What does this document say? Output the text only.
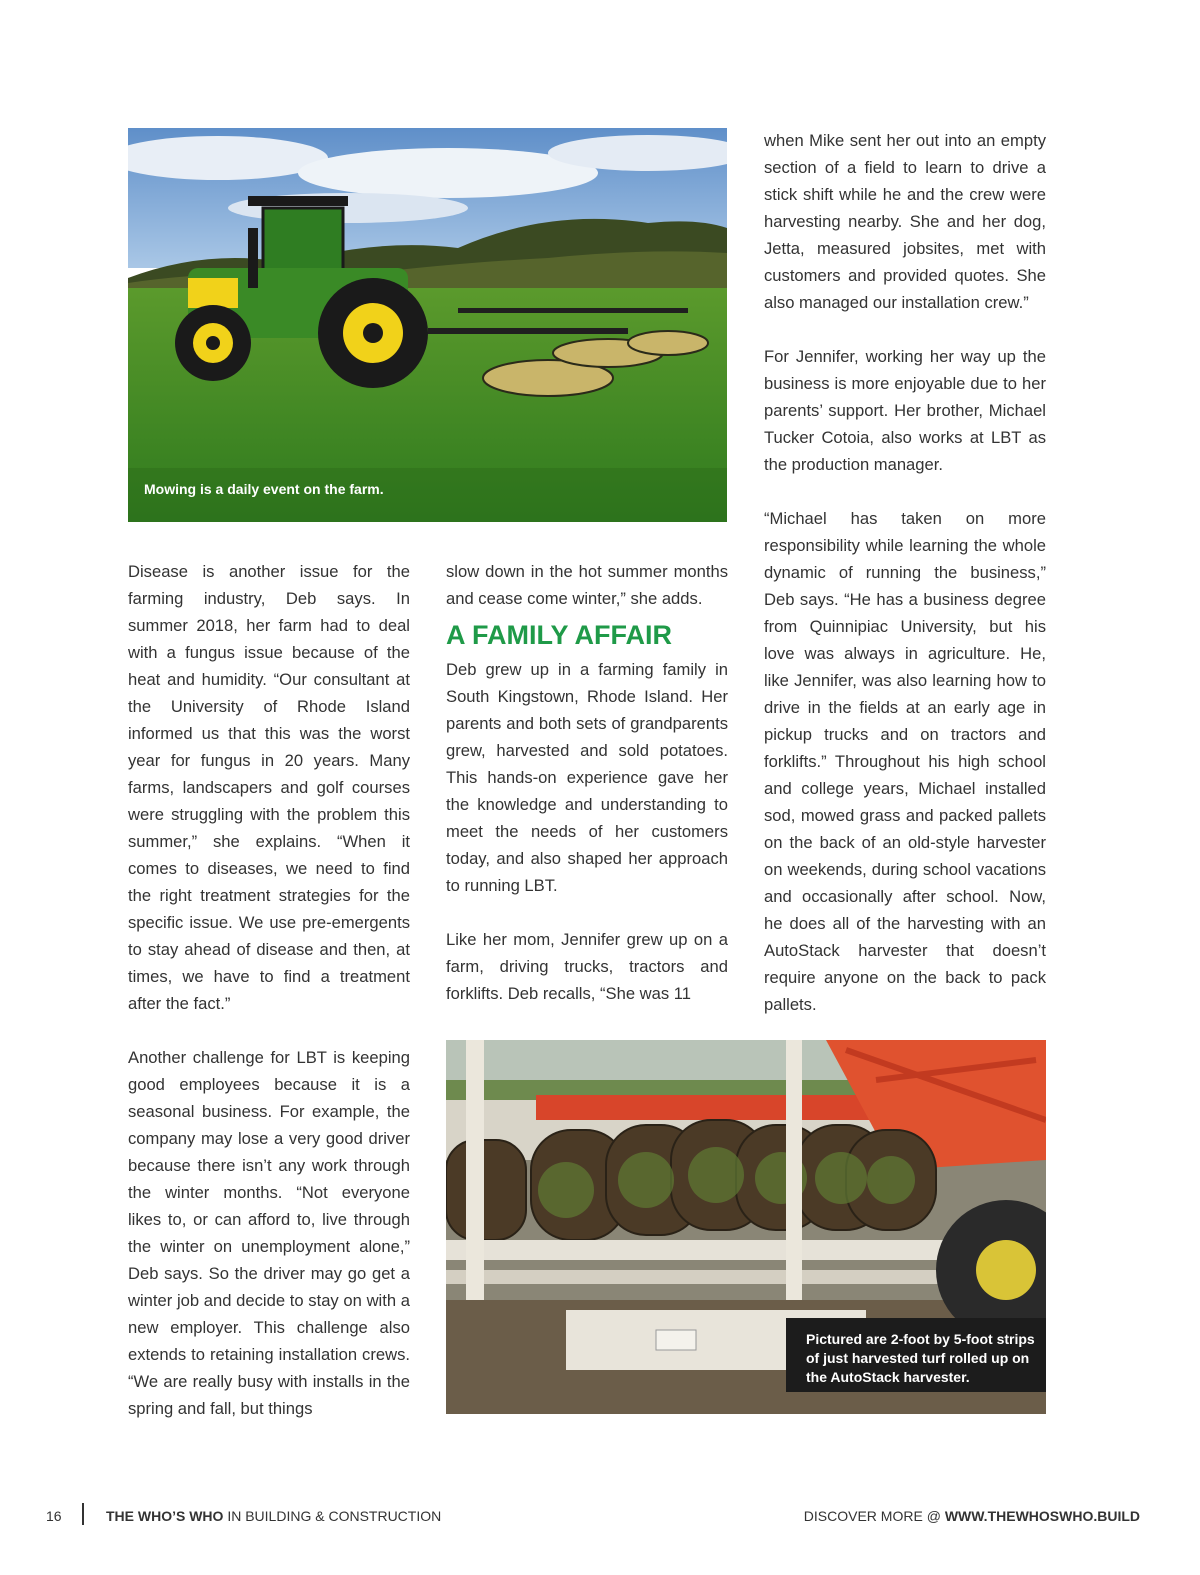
Mowing is a daily event on the farm.

Disease is another issue for the farming industry, Deb says. In summer 2018, her farm had to deal with a fungus issue because of the heat and humidity. “Our consultant at the University of Rhode Island informed us that this was the worst year for fungus in 20 years. Many farms, landscapers and golf courses were struggling with the problem this summer,” she explains. “When it comes to diseases, we need to find the right treatment strategies for the specific issue. We use pre-emergents to stay ahead of disease and then, at times, we have to find a treatment after the fact.”

Another challenge for LBT is keeping good employees because it is a seasonal business. For example, the company may lose a very good driver because there isn’t any work through the winter months. “Not everyone likes to, or can afford to, live through the winter on unemployment alone,” Deb says. So the driver may go get a winter job and decide to stay on with a new employer. This challenge also extends to retaining installation crews. “We are really busy with installs in the spring and fall, but things

slow down in the hot summer months and cease come winter,” she adds.

A FAMILY AFFAIR

Deb grew up in a farming family in South Kingstown, Rhode Island. Her parents and both sets of grandparents grew, harvested and sold potatoes. This hands-on experience gave her the knowledge and understanding to meet the needs of her customers today, and also shaped her approach to running LBT.

Like her mom, Jennifer grew up on a farm, driving trucks, tractors and forklifts. Deb recalls, “She was 11

when Mike sent her out into an empty section of a field to learn to drive a stick shift while he and the crew were harvesting nearby. She and her dog, Jetta, measured jobsites, met with customers and provided quotes. She also managed our installation crew.”

For Jennifer, working her way up the business is more enjoyable due to her parents’ support. Her brother, Michael Tucker Cotoia, also works at LBT as the production manager.

“Michael has taken on more responsibility while learning the whole dynamic of running the business,” Deb says. “He has a business degree from Quinnipiac University, but his love was always in agriculture. He, like Jennifer, was also learning how to drive in the fields at an early age in pickup trucks and on tractors and forklifts.” Throughout his high school and college years, Michael installed sod, mowed grass and packed pallets on the back of an old-style harvester on weekends, during school vacations and occasionally after school. Now, he does all of the harvesting with an AutoStack harvester that doesn’t require anyone on the back to pack pallets.

Pictured are 2-foot by 5-foot strips of just harvested turf rolled up on the AutoStack harvester.
16	THE WHO’S WHO IN BUILDING & CONSTRUCTION	DISCOVER MORE @ WWW.THEWHOSWHO.BUILD
